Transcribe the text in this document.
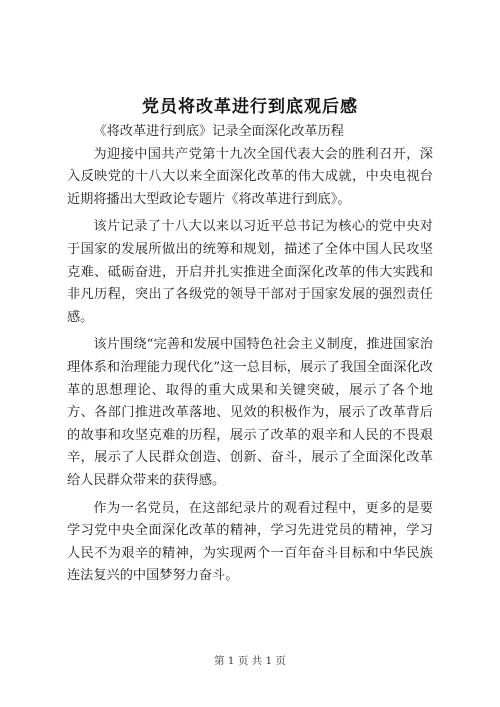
党员将改革进行到底观后感

《将改革进行到底》记录全面深化改革历程

为迎接中国共产党第十九次全国代表大会的胜利召开，深入反映党的十八大以来全面深化改革的伟大成就，中央电视台近期将播出大型政论专题片《将改革进行到底》。

该片记录了十八大以来以习近平总书记为核心的党中央对于国家的发展所做出的统筹和规划，描述了全体中国人民攻坚克难、砥砺奋进，开启并扎实推进全面深化改革的伟大实践和非凡历程，突出了各级党的领导干部对于国家发展的强烈责任感。

该片围绕“完善和发展中国特色社会主义制度，推进国家治理体系和治理能力现代化”这一总目标，展示了我国全面深化改革的思想理论、取得的重大成果和关键突破，展示了各个地方、各部门推进改革落地、见效的积极作为，展示了改革背后的故事和攻坚克难的历程，展示了改革的艰辛和人民的不畏艰辛，展示了人民群众创造、创新、奋斗，展示了全面深化改革给人民群众带来的获得感。

作为一名党员，在这部纪录片的观看过程中，更多的是要学习党中央全面深化改革的精神，学习先进党员的精神，学习人民不为艰辛的精神，为实现两个一百年奋斗目标和中华民族连法复兴的中国梦努力奋斗。

第 1 页 共 1 页
